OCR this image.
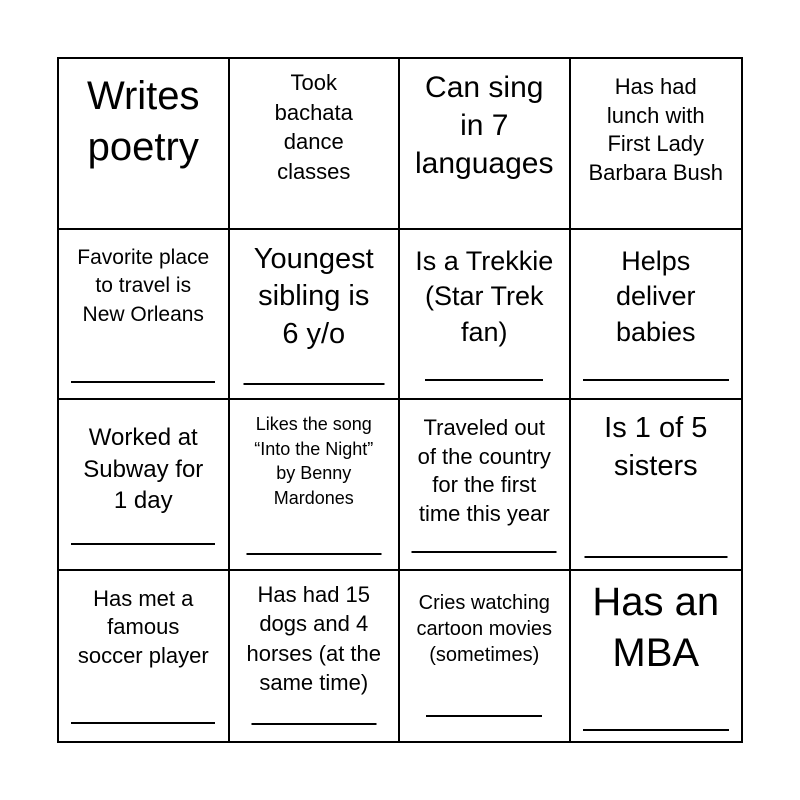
Writes
poetry
Took
bachata
dance
classes
Can sing
in 7
languages
Has had
lunch with
First Lady
Barbara Bush
Favorite place
to travel is
New Orleans
Youngest
sibling is
6 y/o
Is a Trekkie
(Star Trek
fan)
Helps
deliver
babies
Worked at
Subway for
1 day
Likes the song
“Into the Night”
by Benny
Mardones
Traveled out
of the country
for the first
time this year
Is 1 of 5
sisters
Has met a
famous
soccer player
Has had 15
dogs and 4
horses (at the
same time)
Cries watching
cartoon movies
(sometimes)
Has an
MBA
